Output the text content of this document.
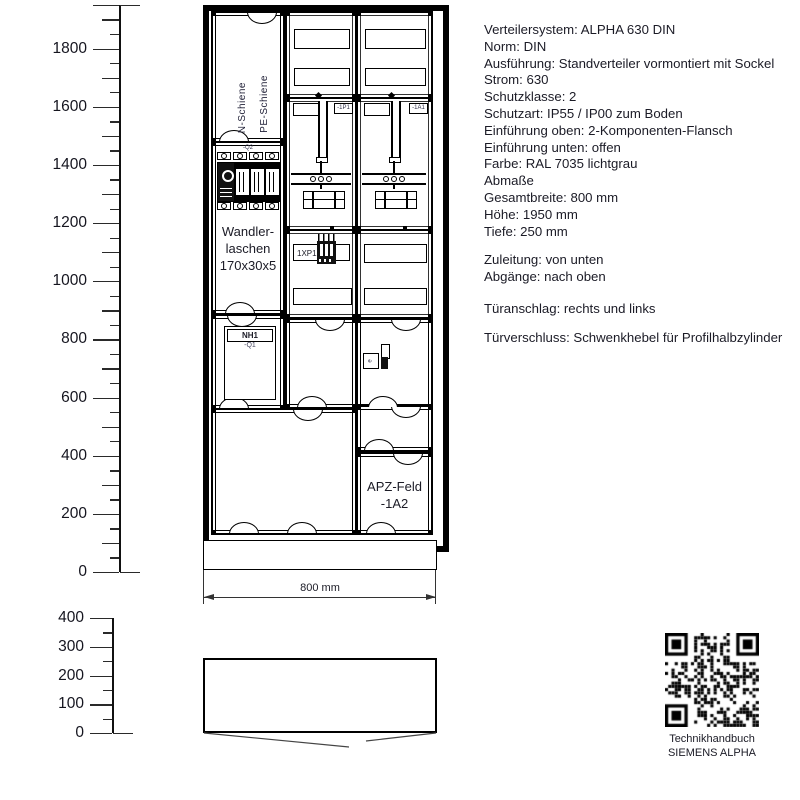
0
200
400
600
800
1000
1200
1400
1600
1800
0
100
200
300
400
N-Schiene PE-Schiene
-Q2
Wandler-
laschen
170x30x5
NH1
-Q1
-1P1
1XP1
-1A1
e
APZ-Feld
-1A2
800 mm
Verteilersystem: ALPHA 630 DIN
Norm: DIN
Ausführung: Standverteiler vormontiert mit Sockel
Strom: 630
Schutzklasse: 2
Schutzart: IP55 / IP00 zum Boden
Einführung oben: 2-Komponenten-Flansch
Einführung unten: offen
Farbe: RAL 7035 lichtgrau
Abmaße
Gesamtbreite: 800 mm
Höhe: 1950 mm
Tiefe: 250 mm
Zuleitung: von unten
Abgänge: nach oben
Türanschlag: rechts und links
Türverschluss: Schwenkhebel für Profilhalbzylinder
Technikhandbuch
SIEMENS ALPHA
